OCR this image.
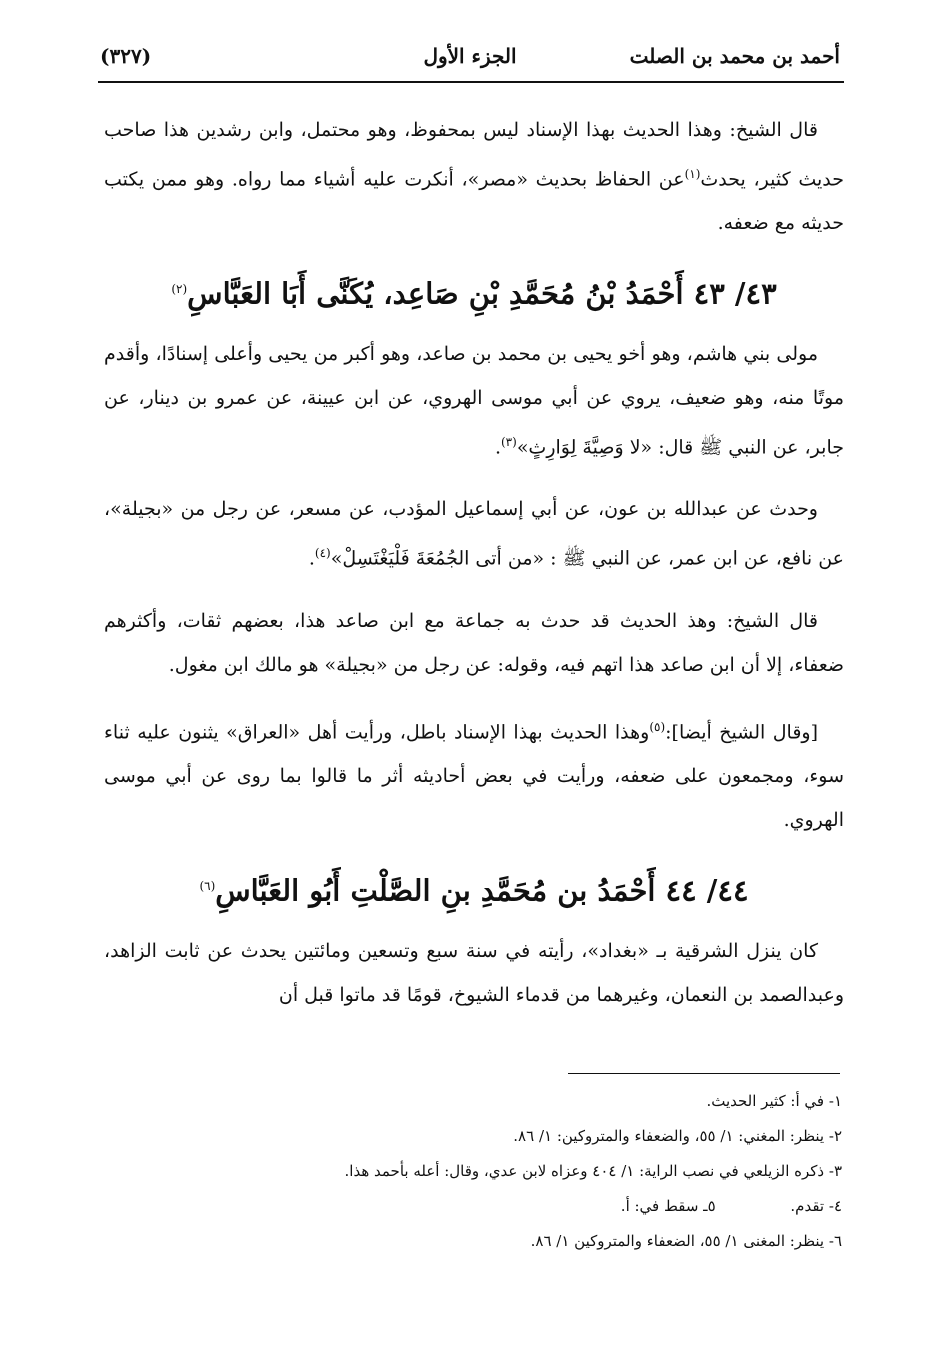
أحمد بن محمد بن الصلت
الجزء الأول
(٣٢٧)

قال الشيخ: وهذا الحديث بهذا الإسناد ليس بمحفوظ، وهو محتمل، وابن رشدين هذا صاحب حديث كثير، يحدث$^{(١)}$عن الحفاظ بحديث «مصر»، أنكرت عليه أشياء مما رواه. وهو ممن يكتب حديثه مع ضعفه.

٤٣/ ٤٣ أَحْمَدُ بْنُ مُحَمَّدِ بْنِ صَاعِد، يُكَنَّى أَبَا العَبَّاسِ$^{(٢)}$

مولى بني هاشم، وهو أخو يحيى بن محمد بن صاعد، وهو أكبر من يحيى وأعلى إسنادًا، وأقدم موتًا منه، وهو ضعيف، يروي عن أبي موسى الهروي، عن ابن عيينة، عن عمرو بن دينار، عن جابر، عن النبي ﷺ قال: «لا وَصِيَّةَ لِوَارِثٍ»$^{(٣)}$.

وحدث عن عبدالله بن عون، عن أبي إسماعيل المؤدب، عن مسعر، عن رجل من «بجيلة»، عن نافع، عن ابن عمر، عن النبي ﷺ : «من أتى الجُمُعَةَ فَلْيَغْتَسِلْ»$^{(٤)}$.

قال الشيخ: وهذ الحديث قد حدث به جماعة مع ابن صاعد هذا، بعضهم ثقات، وأكثرهم ضعفاء، إلا أن ابن صاعد هذا اتهم فيه، وقوله: عن رجل من «بجيلة» هو مالك ابن مغول.

[وقال الشيخ أيضا]:$^{(٥)}$وهذا الحديث بهذا الإسناد باطل، ورأيت أهل «العراق» يثنون عليه ثناء سوء، ومجمعون على ضعفه، ورأيت في بعض أحاديثه أثر ما قالوا بما روى عن أبي موسى الهروي.

٤٤/ ٤٤ أَحْمَدُ بن مُحَمَّدِ بنِ الصَّلْتِ أَبُو العَبَّاسِ$^{(٦)}$

كان ينزل الشرقية بـ «بغداد»، رأيته في سنة سبع وتسعين ومائتين يحدث عن ثابت الزاهد، وعبدالصمد بن النعمان، وغيرهما من قدماء الشيوخ، قومًا قد ماتوا قبل أن

١- في أ: كثير الحديث.
٢- ينظر: المغني: ١/ ٥٥، والضعفاء والمتروكين: ١/ ٨٦.
٣- ذكره الزيلعي في نصب الراية: ١/ ٤٠٤ وعزاه لابن عدي، وقال: أعله بأحمد هذا.
٤- تقدم. ٥ـ سقط في: أ.
٦- ينظر: المغنى ١/ ٥٥، الضعفاء والمتروكين ١/ ٨٦.
